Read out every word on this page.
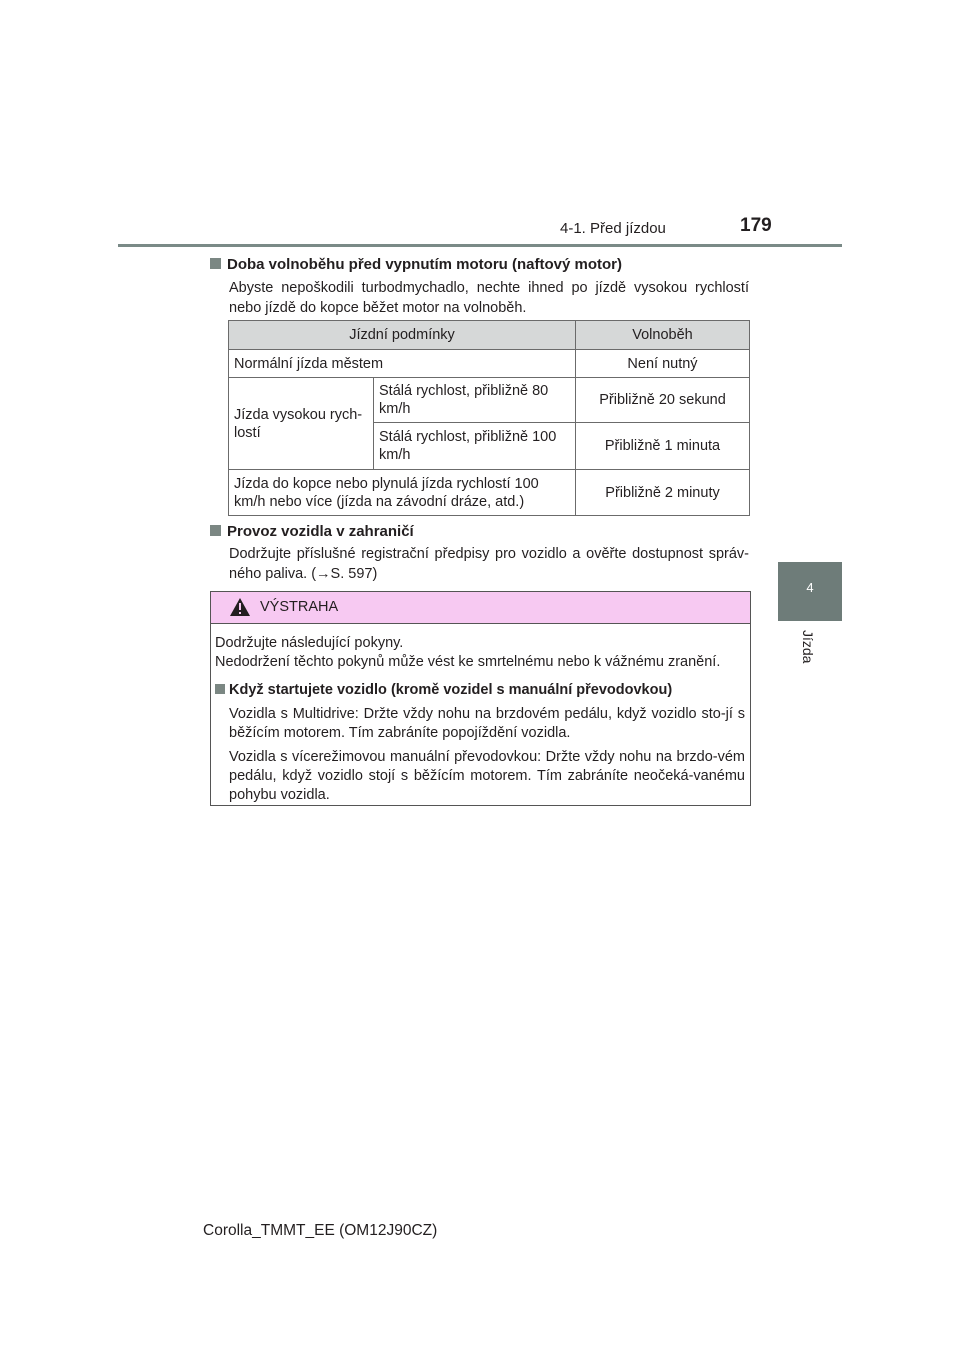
4-1. Před jízdou	179
4
Jízda
Doba volnoběhu před vypnutím motoru (naftový motor)

Abyste nepoškodili turbodmychadlo, nechte ihned po jízdě vysokou rychlostí nebo jízdě do kopce běžet motor na volnoběh.

Jízdní podmínky		Volnoběh
Normální jízda městem		Není nutný
Jízda vysokou rych-lostí	Stálá rychlost, přibližně 80 km/h	Přibližně 20 sekund
	Stálá rychlost, přibližně 100 km/h	Přibližně 1 minuta
Jízda do kopce nebo plynulá jízda rychlostí 100 km/h nebo více (jízda na závodní dráze, atd.)		Přibližně 2 minuty
Provoz vozidla v zahraničí

Dodržujte příslušné registrační předpisy pro vozidlo a ověřte dostupnost správ-ného paliva. (→S. 597)

VÝSTRAHA

Dodržujte následující pokyny.

Nedodržení těchto pokynů může vést ke smrtelnému nebo k vážnému zranění.

Když startujete vozidlo (kromě vozidel s manuální převodovkou)

Vozidla s Multidrive: Držte vždy nohu na brzdovém pedálu, když vozidlo sto-jí s běžícím motorem. Tím zabráníte popojíždění vozidla.

Vozidla s vícerežimovou manuální převodovkou: Držte vždy nohu na brzdo-vém pedálu, když vozidlo stojí s běžícím motorem. Tím zabráníte neočeká-vanému pohybu vozidla.

Corolla_TMMT_EE (OM12J90CZ)
